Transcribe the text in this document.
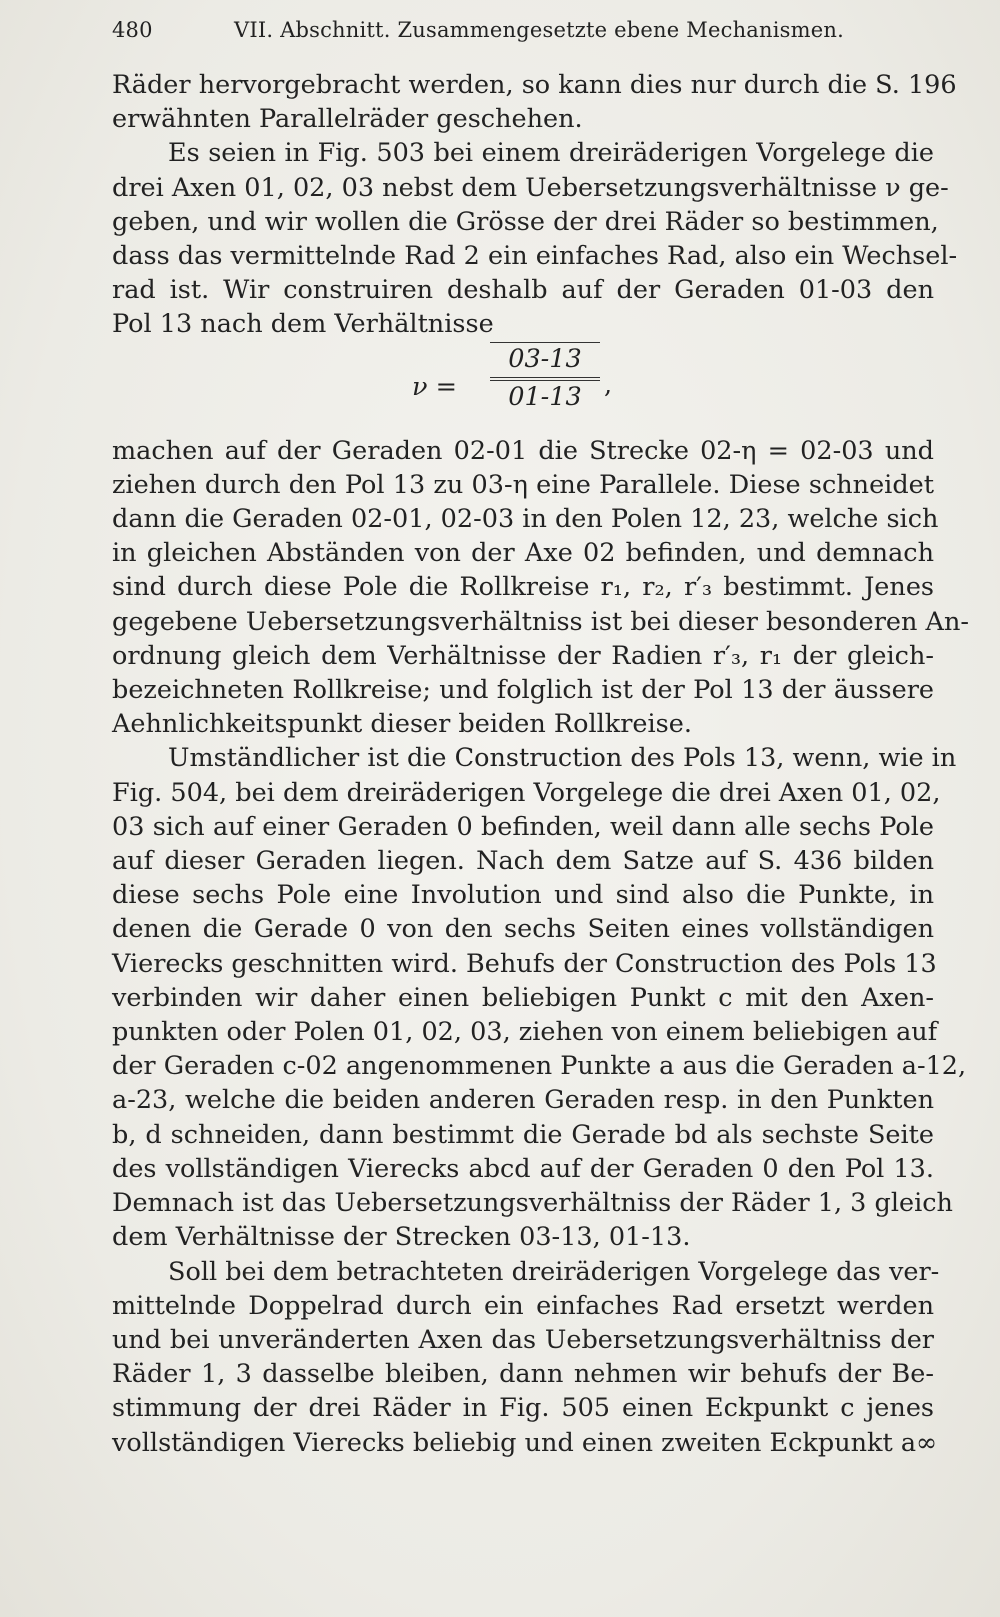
480	VII. Abschnitt. Zusammengesetzte ebene Mechanismen.

Räder hervorgebracht werden, so kann dies nur durch die S. 196
erwähnten Parallelräder geschehen.

Es seien in Fig. 503 bei einem dreiräderigen Vorgelege die
drei Axen 01, 02, 03 nebst dem Uebersetzungsverhältnisse ν ge-
geben, und wir wollen die Grösse der drei Räder so bestimmen,
dass das vermittelnde Rad 2 ein einfaches Rad, also ein Wechsel-
rad ist. Wir construiren deshalb auf der Geraden 01-03 den
Pol 13 nach dem Verhältnisse

$\nu = \frac{03-13}{01-13}$ ,

machen auf der Geraden 02-01 die Strecke 02-η = 02-03 und
ziehen durch den Pol 13 zu 03-η eine Parallele. Diese schneidet
dann die Geraden 02-01, 02-03 in den Polen 12, 23, welche sich
in gleichen Abständen von der Axe 02 befinden, und demnach
sind durch diese Pole die Rollkreise r₁, r₂, r′₃ bestimmt. Jenes
gegebene Uebersetzungsverhältniss ist bei dieser besonderen An-
ordnung gleich dem Verhältnisse der Radien r′₃, r₁ der gleich-
bezeichneten Rollkreise; und folglich ist der Pol 13 der äussere
Aehnlichkeitspunkt dieser beiden Rollkreise.

Umständlicher ist die Construction des Pols 13, wenn, wie in
Fig. 504, bei dem dreiräderigen Vorgelege die drei Axen 01, 02,
03 sich auf einer Geraden 0 befinden, weil dann alle sechs Pole
auf dieser Geraden liegen. Nach dem Satze auf S. 436 bilden
diese sechs Pole eine Involution und sind also die Punkte, in
denen die Gerade 0 von den sechs Seiten eines vollständigen
Vierecks geschnitten wird. Behufs der Construction des Pols 13
verbinden wir daher einen beliebigen Punkt c mit den Axen-
punkten oder Polen 01, 02, 03, ziehen von einem beliebigen auf
der Geraden c-02 angenommenen Punkte a aus die Geraden a-12,
a-23, welche die beiden anderen Geraden resp. in den Punkten
b, d schneiden, dann bestimmt die Gerade bd als sechste Seite
des vollständigen Vierecks abcd auf der Geraden 0 den Pol 13.
Demnach ist das Uebersetzungsverhältniss der Räder 1, 3 gleich
dem Verhältnisse der Strecken 03-13, 01-13.

Soll bei dem betrachteten dreiräderigen Vorgelege das ver-
mittelnde Doppelrad durch ein einfaches Rad ersetzt werden
und bei unveränderten Axen das Uebersetzungsverhältniss der
Räder 1, 3 dasselbe bleiben, dann nehmen wir behufs der Be-
stimmung der drei Räder in Fig. 505 einen Eckpunkt c jenes
vollständigen Vierecks beliebig und einen zweiten Eckpunkt a∞
